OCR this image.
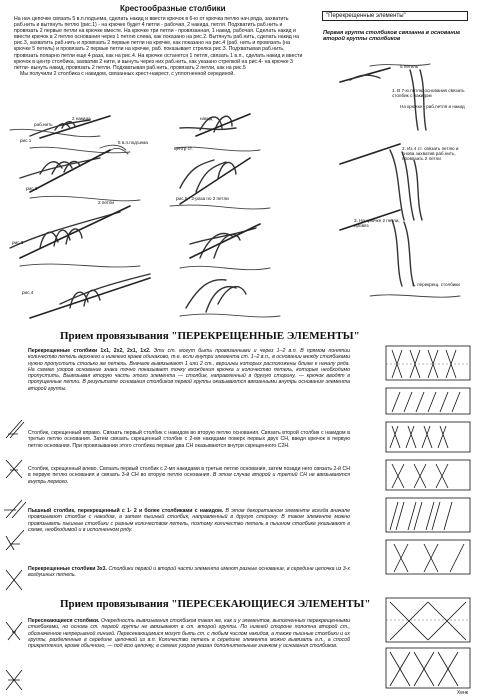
Крестообразные столбики
На нач цепочке связать 5 в.п.подъема, сделать накид и ввести крючок в 6-ю от крючка петлю нач.ряда, захватить раб.нить и вытянуть петлю (рис.1) - на крючке будет 4 петли - рабочая, 2 накида, петля. Подхватить раб.нить и провязать 2 первые петли на крючке вместе. На крючке три петли - провязанная, 1 накид, рабочая. Сделать накид и ввести крючок в 2 петлю основания через 1 петлю слева, как показано на рис.2. Вытянуть раб.нить, сделать накид на рис.3, захватить раб.нить и провязать 2 первые петли на крючке, как показано на рис.4 (раб. нить и провязать (на крючке 5 петель) и провязать 2 первые петли на крючке, раб. показывает стрелка рис.3. Подхватывая раб.нить, провязать попарно петли еще 4 раза, как на рис.4. На крючке останется 1 петля, связать 1 в.п., сделать накид и ввести крючок в центр столбика, захватив 2 нити, и вынуть через них раб.нить, как указано стрелкой на рис.4- на крючке 3 петли- вынуть накид, провязать 2 петли. Подхватывая раб.нить, провязать 2 петли, как на рис.5
Мы получили 2 столбика с накидом, связанных крест-накрест, с уплотненной серединой.
"Перекрещенные элементы"
Первая группа столбиков связанна в основание второй группы столбиков
рис.1
рис.2
рис.3
рис.4
2 накида
раб.нить
5 в.п.подъема
накид
центр ст.
2 петли
рис.5 - 2-раза по 2 петли
5 петель
1. В 7-ю петлю основания связать столбик с накидом
На крючке - раб.петля и накид
2. Из 4 ст. связать петлю и снова захватив раб.нить, провязать 2 петли
3. На крючке 2 петли, провяз
4. перекрещ. столбики
Прием провязывания "ПЕРЕКРЕЩЕННЫЕ ЭЛЕМЕНТЫ"
Перекрещенные столбики 1х1, 2х2, 2х1, 1х2. Эти ст. могут быть провязанными и через 1–2 в.п. В прямом понятии количество петель верхнего и нижнего краев одинаково, т.е. если внутри элемента ст. 1–2 в.п., в основании между столбиками нужно пропустить столько же петель. Вначале вывязывают 1 или 2 ст., вершины которых расположены ближе к началу ряда. На схемах узоров основание знака точно показывает точку вхождения крючка и количество петель, которые необходимо пропустить. Вывязывая вторую часть этого элемента — столбик, направленный в другую сторону, — крючок вводят в пропущенные петли. В результате основания столбиков первой группы оказываются ввязанными внутрь основания элемента второй группы.
Столбик, скрещенный вправо. Связать первый столбик с накидом во вторую петлю основания. Связать второй столбик с накидом в третью петлю основания. Затем связать скрещенный столбик с 2-мя накидами поверх первых двух СН, введя крючок в первую петлю основания. При провязывании этого столбика первые два СН оказываются внутри скрещенного С2Н.
Столбик, скрещенный влево. Связать первый столбик с 2-мя накидами в третью петлю основания, затем позади него связать 2-й СН в первую петлю основания и связать 3-й СН во вторую петлю основания. В этом случае второй и третий СН не ввязываются внутрь первого.
Пышный столбик, перекрещенный с 1- 2 и более столбиками с накидом. В этом декоративном элементе всегда вначале провязывают столбик с накидом, а затем пышный столбик, направленный в другую сторону. В таком элементе можно провязывать пышные столбики с разным количеством петель, поэтому количество петель в пышном столбике указывают в схеме, необходимой и в исполненном ряду.
Перекрещенные столбики 3х3. Столбики первой и второй части элемента имеют разные основание, в середине цепочка из 3-х воздушных петель.
Прием провязывания "ПЕРЕСЕКАЮЩИЕСЯ ЭЛЕМЕНТЫ"
Пересекающиеся столбики. Очередность вывязывания столбиков такая же, как и у элементов, выполненных перекрещенными столбиками, но основа ст. первой группы не ввязывают в ст. второй группы. По нижней стороне полотна второй ст., обозначенное непрерывной линией. Пересекающимися могут быть ст. с любым числом накидов, а также пышные столбики и их группы, разделенные в середине цепочкой из в.п. Количество петель в середине элемента можно вывязать в.п., а способ прикрепления, кроме обычного, — под всю цепочку, в схемах узоров указан дополнительным значком у основания столбиков.
Хенк
